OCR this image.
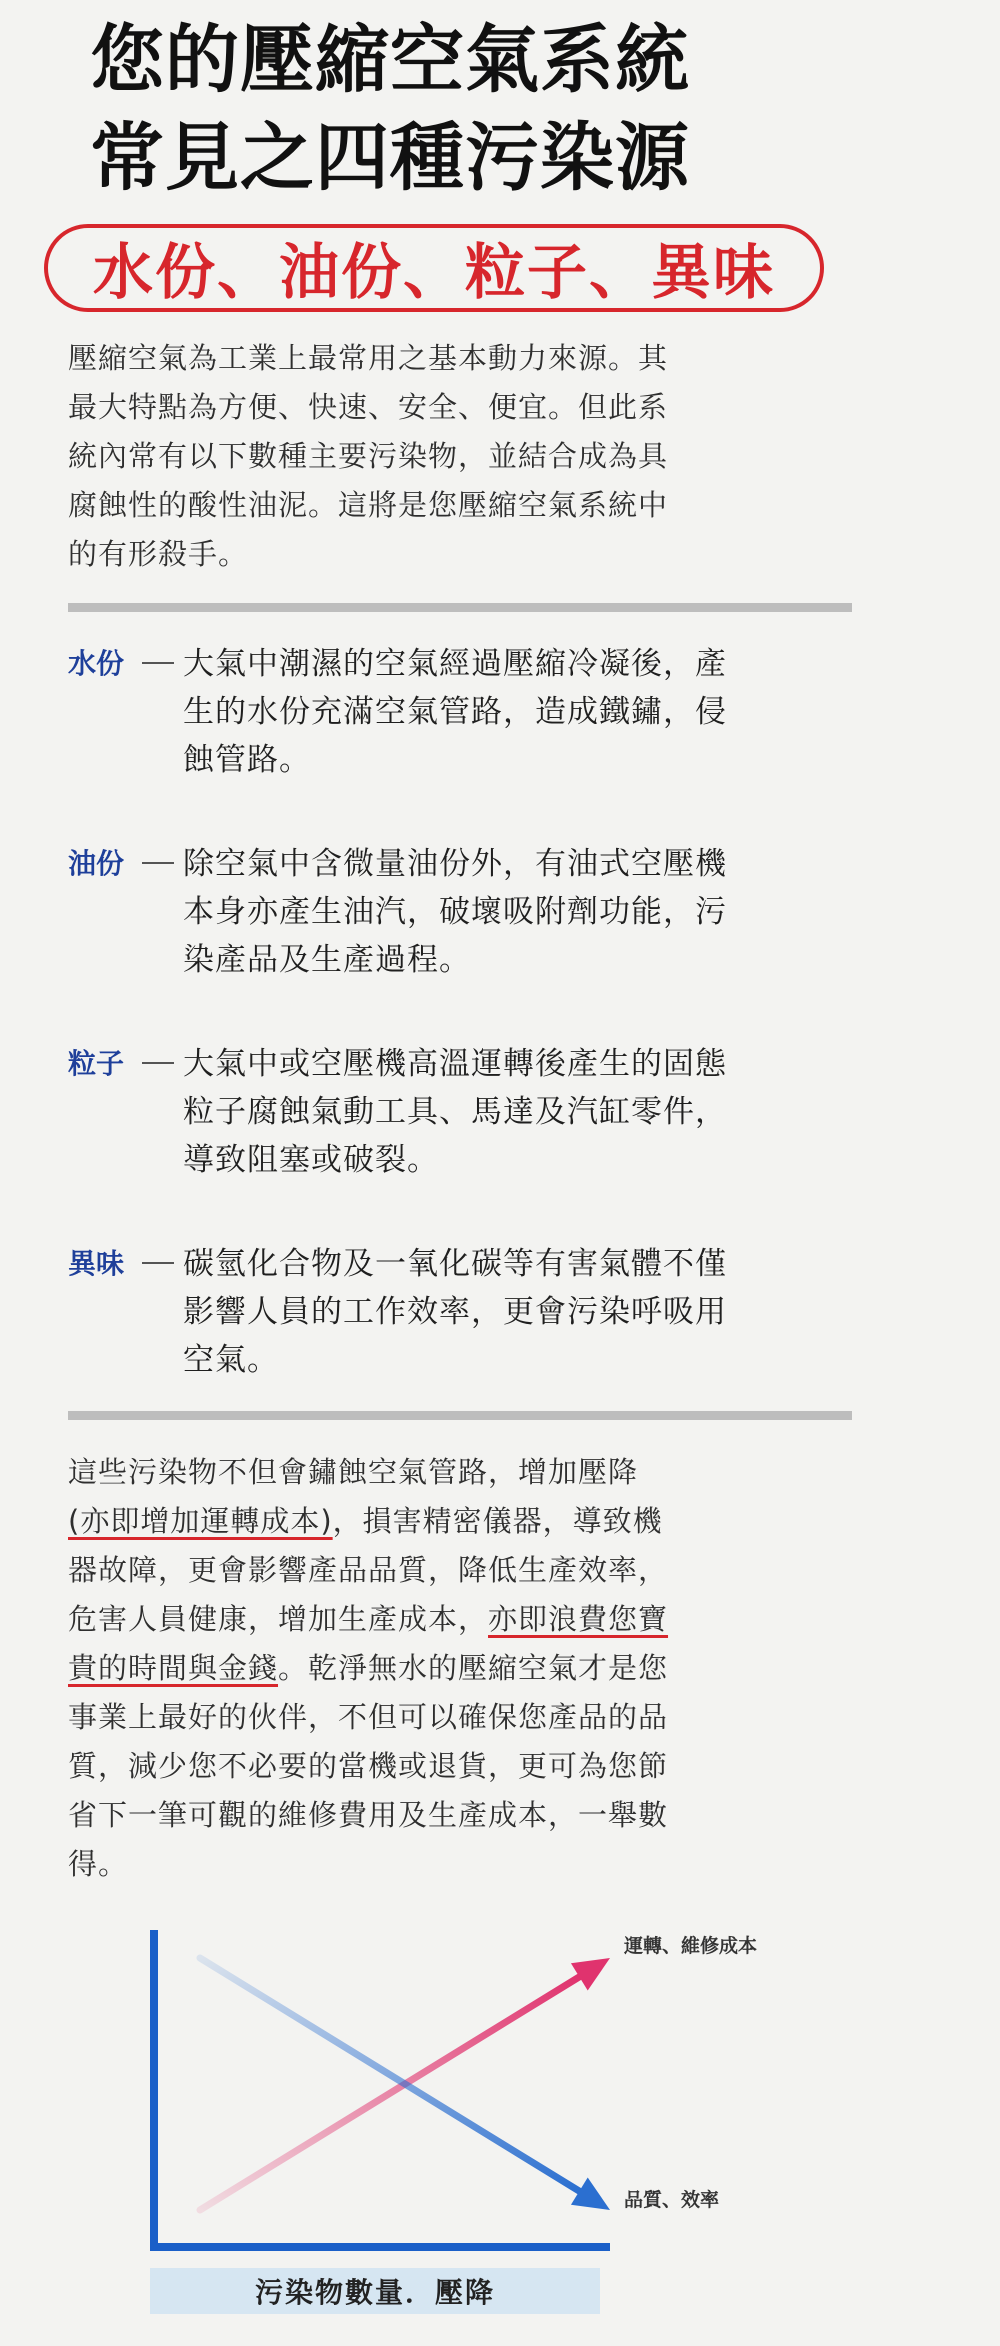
您的壓縮空氣系統
常見之四種污染源
水份、油份、粒子、異味
壓縮空氣為工業上最常用之基本動力來源。其
最大特點為方便、快速、安全、便宜。但此系
統內常有以下數種主要污染物，並結合成為具
腐蝕性的酸性油泥。這將是您壓縮空氣系統中
的有形殺手。
水份 大氣中潮濕的空氣經過壓縮冷凝後，產
生的水份充滿空氣管路，造成鐵鏽，侵
蝕管路。
油份 除空氣中含微量油份外，有油式空壓機
本身亦產生油汽，破壞吸附劑功能，污
染產品及生產過程。
粒子 大氣中或空壓機高溫運轉後產生的固態
粒子腐蝕氣動工具、馬達及汽缸零件，
導致阻塞或破裂。
異味 碳氫化合物及一氧化碳等有害氣體不僅
影響人員的工作效率，更會污染呼吸用
空氣。
這些污染物不但會鏽蝕空氣管路，增加壓降
(亦即增加運轉成本)，損害精密儀器，導致機
器故障，更會影響產品品質，降低生產效率，
危害人員健康，增加生產成本，亦即浪費您寶
貴的時間與金錢。乾淨無水的壓縮空氣才是您
事業上最好的伙伴，不但可以確保您產品的品
質，減少您不必要的當機或退貨，更可為您節
省下一筆可觀的維修費用及生產成本，一舉數
得。
運轉、維修成本
品質、效率
污染物數量．壓降
